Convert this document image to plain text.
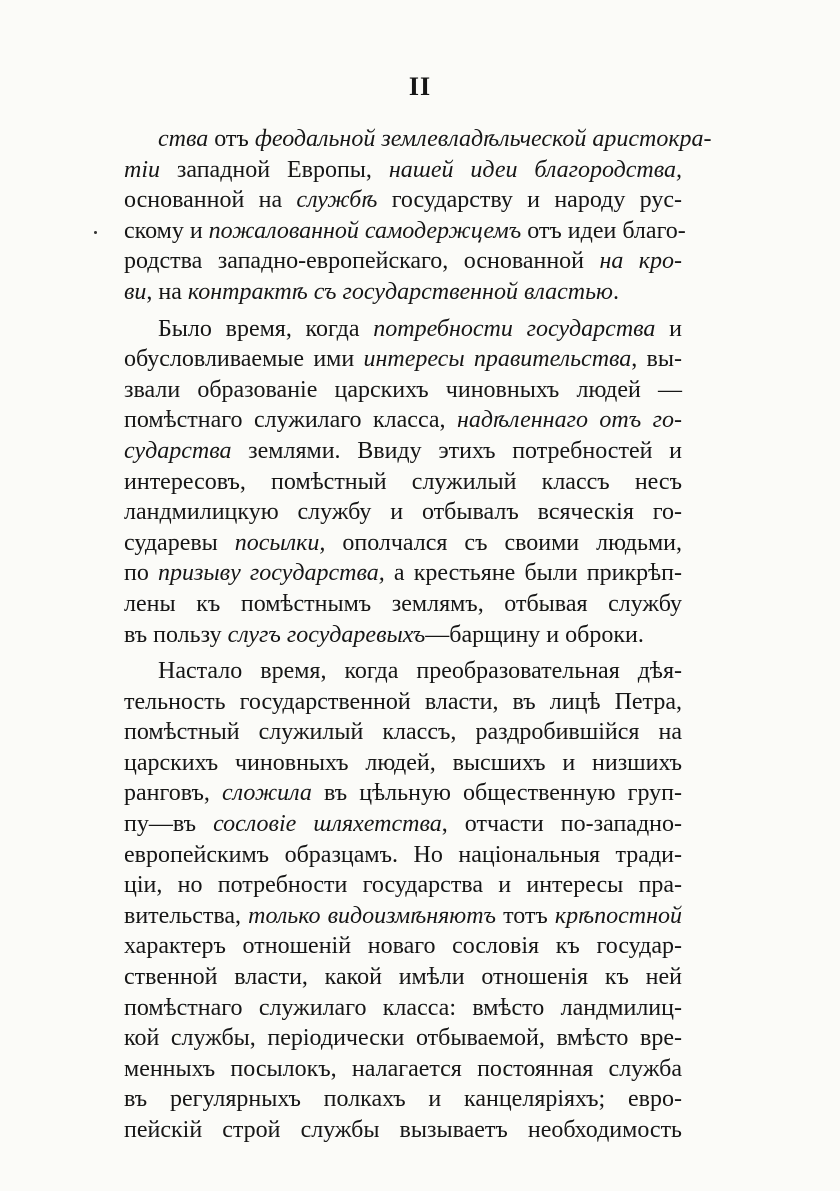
II
ства отъ феодальной землевладѣльческой аристокра-
тіи западной Европы, нашей идеи благородства,
основанной на службѣ государству и народу рус-
скому и пожалованной самодержцемъ отъ идеи благо-
родства западно-европейскаго, основанной на кро-
ви, на контрактѣ съ государственной властью.
Было время, когда потребности государства и
обусловливаемые ими интересы правительства, вы-
звали образованіе царскихъ чиновныхъ людей —
помѣстнаго служилаго класса, надѣленнаго отъ го-
сударства землями. Ввиду этихъ потребностей и
интересовъ, помѣстный служилый классъ несъ
ландмилицкую службу и отбывалъ всяческія го-
сударевы посылки, ополчался съ своими людьми,
по призыву государства, а крестьяне были прикрѣп-
лены къ помѣстнымъ землямъ, отбывая службу
въ пользу слугъ государевыхъ—барщину и оброки.
Настало время, когда преобразовательная дѣя-
тельность государственной власти, въ лицѣ Петра,
помѣстный служилый классъ, раздробившійся на
царскихъ чиновныхъ людей, высшихъ и низшихъ
ранговъ, сложила въ цѣльную общественную груп-
пу—въ сословіе шляхетства, отчасти по-западно-
европейскимъ образцамъ. Но національныя тради-
ціи, но потребности государства и интересы пра-
вительства, только видоизмѣняютъ тотъ крѣпостной
характеръ отношеній новаго сословія къ государ-
ственной власти, какой имѣли отношенія къ ней
помѣстнаго служилаго класса: вмѣсто ландмилиц-
кой службы, періодически отбываемой, вмѣсто вре-
менныхъ посылокъ, налагается постоянная служба
въ регулярныхъ полкахъ и канцеляріяхъ; евро-
пейскій строй службы вызываетъ необходимость
